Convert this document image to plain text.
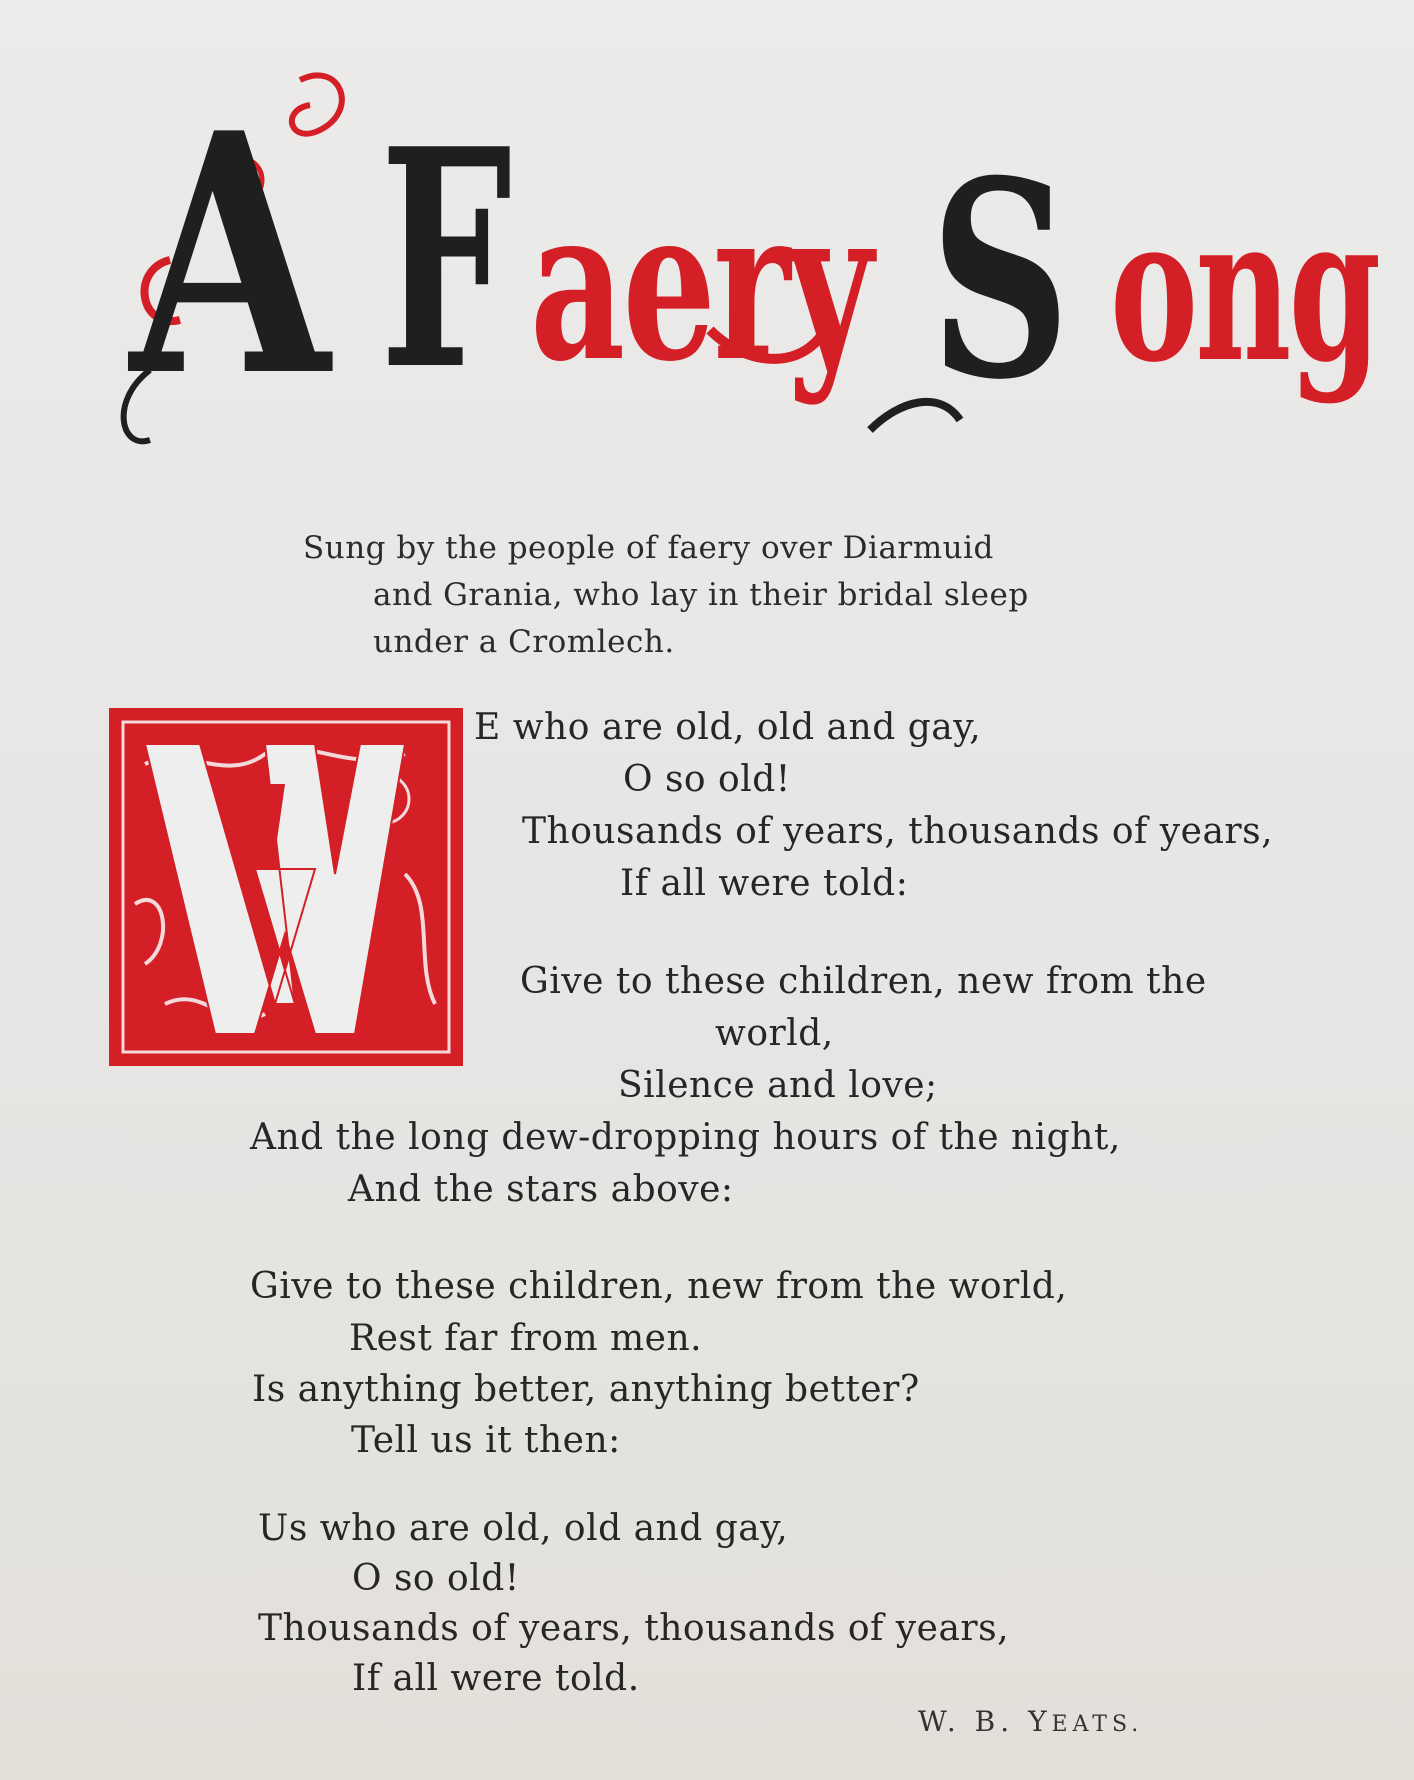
A F aery S ong
Sung by the people of faery over Diarmuid
and Grania, who lay in their bridal sleep
under a Cromlech.
W
E who are old, old and gay,
O so old!
Thousands of years, thousands of years,
If all were told:
Give to these children, new from the
world,
Silence and love;
And the long dew-dropping hours of the night,
And the stars above:
Give to these children, new from the world,
Rest far from men.
Is anything better, anything better?
Tell us it then:
Us who are old, old and gay,
O so old!
Thousands of years, thousands of years,
If all were told.
W. B. YEATS.
